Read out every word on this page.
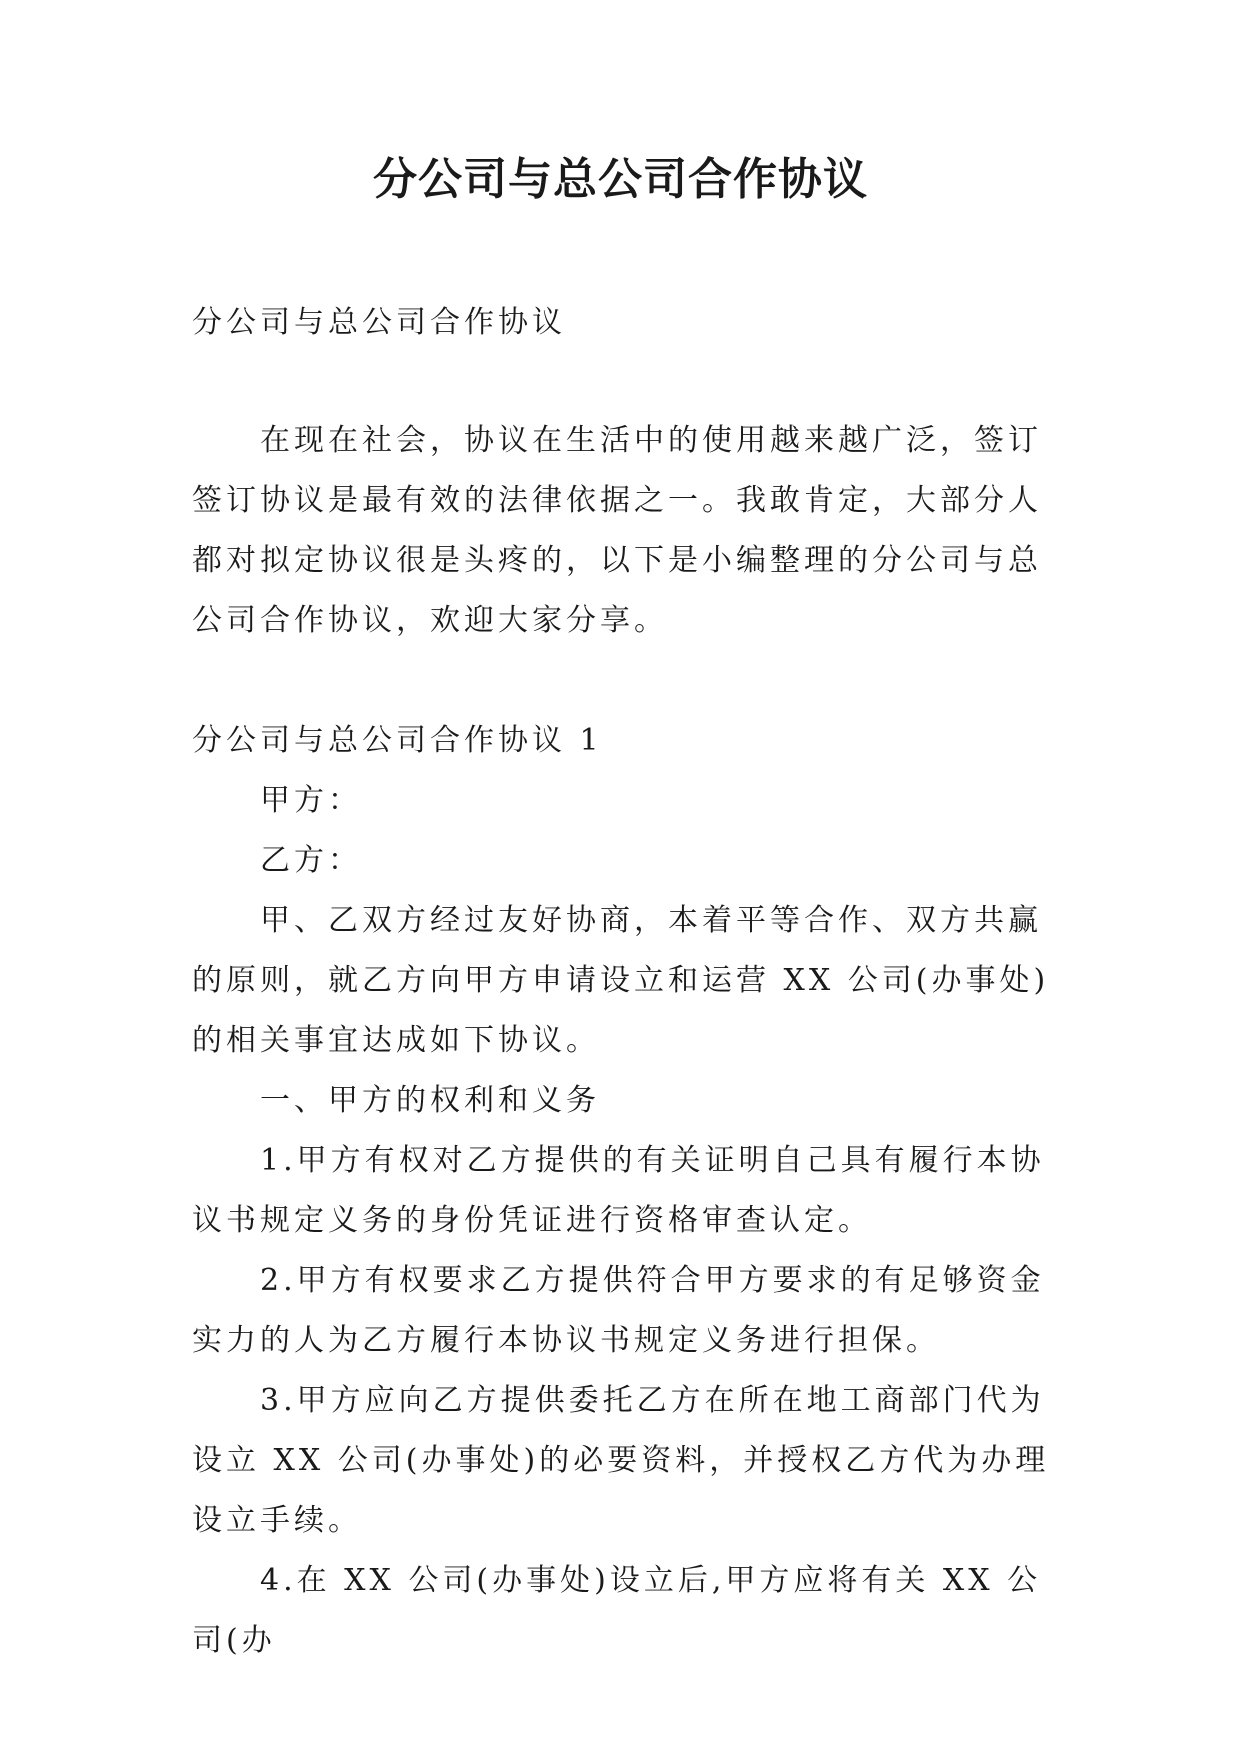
分公司与总公司合作协议

分公司与总公司合作协议

在现在社会，协议在生活中的使用越来越广泛，签订签订协议是最有效的法律依据之一。我敢肯定，大部分人都对拟定协议很是头疼的，以下是小编整理的分公司与总公司合作协议，欢迎大家分享。

分公司与总公司合作协议 1

甲方：

乙方：

甲、乙双方经过友好协商，本着平等合作、双方共赢的原则，就乙方向甲方申请设立和运营 XX 公司(办事处)的相关事宜达成如下协议。

一、甲方的权利和义务

1.甲方有权对乙方提供的有关证明自己具有履行本协议书规定义务的身份凭证进行资格审查认定。

2.甲方有权要求乙方提供符合甲方要求的有足够资金实力的人为乙方履行本协议书规定义务进行担保。

3.甲方应向乙方提供委托乙方在所在地工商部门代为设立 XX 公司(办事处)的必要资料，并授权乙方代为办理设立手续。

4.在 XX 公司(办事处)设立后,甲方应将有关 XX 公司(办
